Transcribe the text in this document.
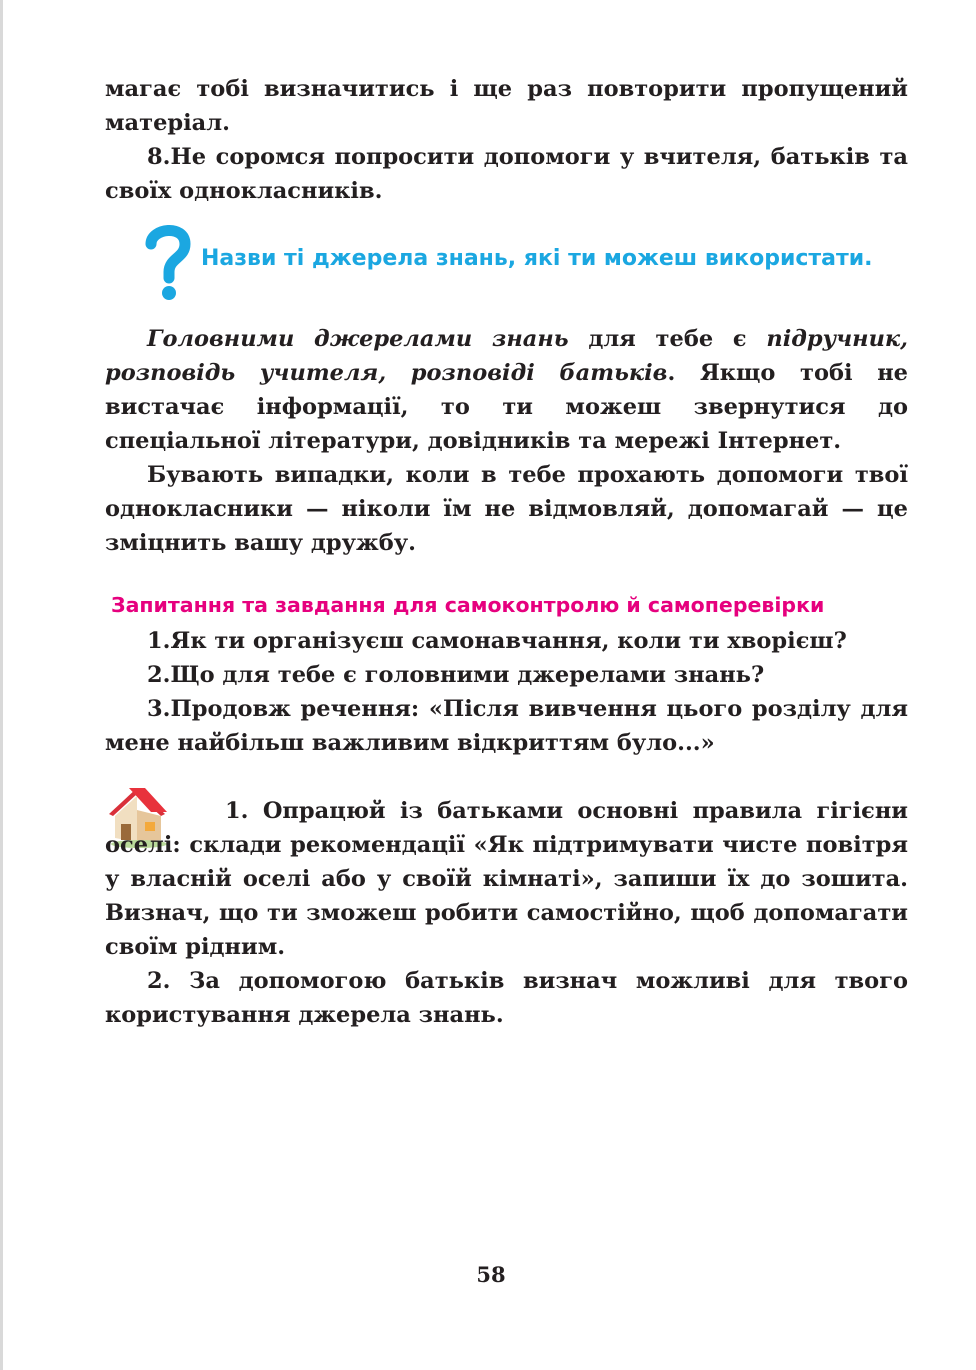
магає тобі визначитись і ще раз повторити пропущений матеріал.

8.Не соромся попросити допомоги у вчителя, батьків та своїх однокласників.

Назви ті джерела знань, які ти можеш використати.

Головними джерелами знань для тебе є підручник, розповідь учителя, розповіді батьків. Якщо тобі не вистачає інформації, то ти можеш звернутися до спеціальної літератури, довідників та мережі Інтернет.

Бувають випадки, коли в тебе прохають допомоги твої однокласники — ніколи їм не відмовляй, допомагай — це зміцнить вашу дружбу.

Запитання та завдання для самоконтролю й самоперевірки

1.Як ти організуєш самонавчання, коли ти хворієш?

2.Що для тебе є головними джерелами знань?

3.Продовж речення: «Після вивчення цього розділу для мене найбільш важливим відкриттям було...»

1. Опрацюй із батьками основні правила гігієни оселі: склади рекомендації «Як підтримувати чисте повітря у власній оселі або у своїй кімнаті», запиши їх до зошита. Визнач, що ти зможеш робити самостійно, щоб допомагати своїм рідним.

2. За допомогою батьків визнач можливі для твого користування джерела знань.

58
